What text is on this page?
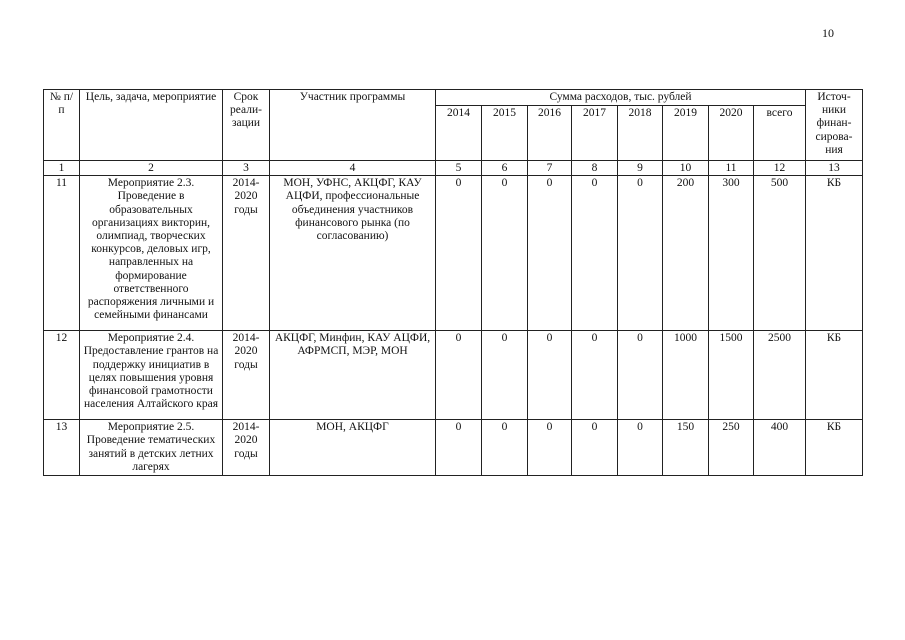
10
№ п/п	Цель, задача, мероприятие	Срок реали-зации	Участник программы	Сумма расходов, тыс. рублей								Источ-ники финан-сирова-ния
				2014	2015	2016	2017	2018	2019	2020	всего	
1	2	3	4	5	6	7	8	9	10	11	12	13
11	Мероприятие 2.3. Проведение в образовательных организациях викторин, олимпиад, творческих конкурсов, деловых игр, направленных на формирование ответственного распоряжения личными и семейными финансами	2014-2020 годы	МОН, УФНС, АКЦФГ, КАУ АЦФИ, профессиональные объединения участников финансового рынка (по согласованию)	0	0	0	0	0	200	300	500	КБ
12	Мероприятие 2.4. Предоставление грантов на поддержку инициатив в целях повышения уровня финансовой грамотности населения Алтайского края	2014-2020 годы	АКЦФГ, Минфин, КАУ АЦФИ, АФРМСП, МЭР, МОН	0	0	0	0	0	1000	1500	2500	КБ
13	Мероприятие 2.5. Проведение тематических занятий в детских летних лагерях	2014-2020 годы	МОН, АКЦФГ	0	0	0	0	0	150	250	400	КБ
